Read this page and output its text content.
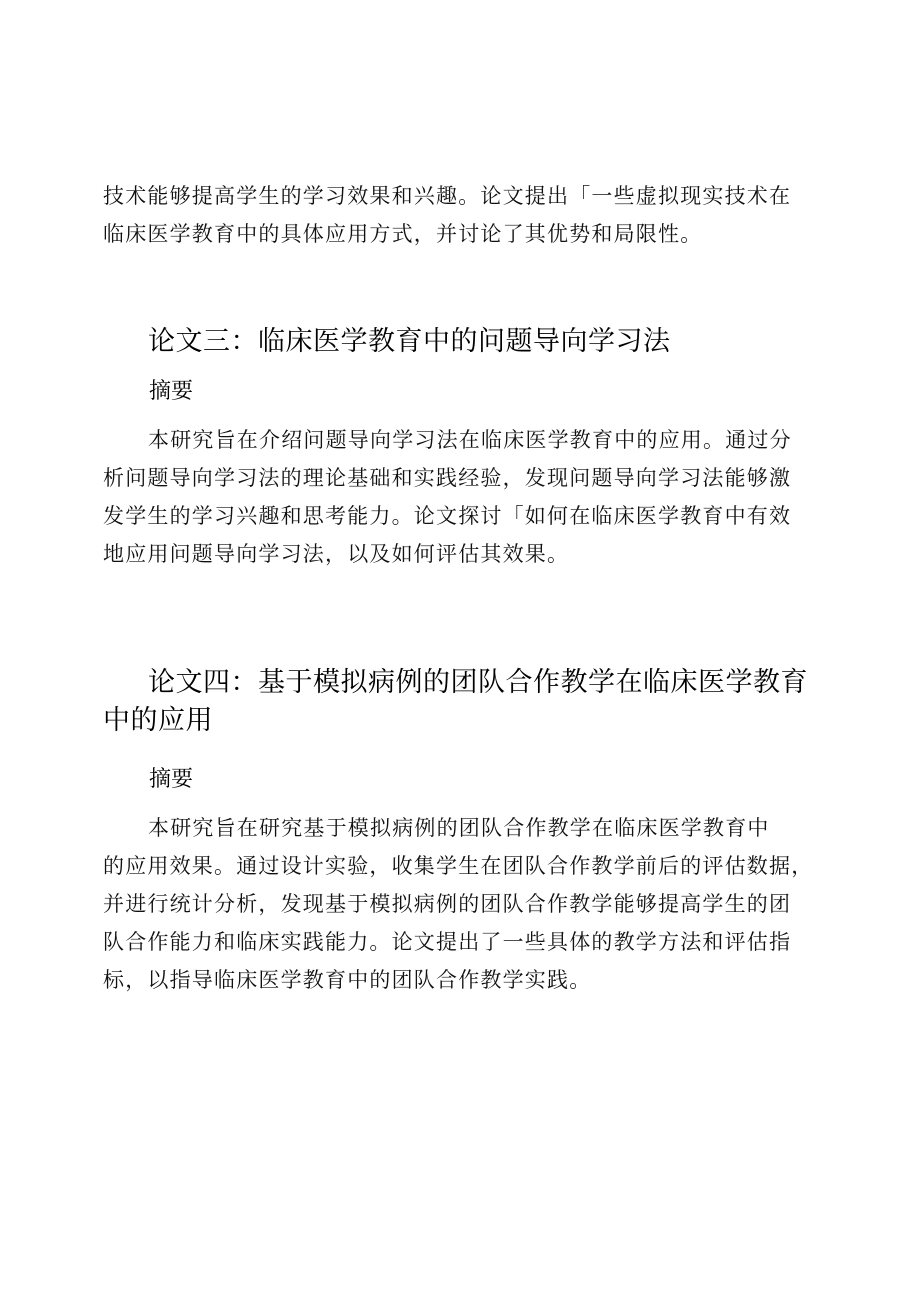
技术能够提高学生的学习效果和兴趣。论文提出「一些虚拟现实技术在
临床医学教育中的具体应用方式，并讨论了其优势和局限性。

论文三：临床医学教育中的问题导向学习法
摘要

本研究旨在介绍问题导向学习法在临床医学教育中的应用。通过分
析问题导向学习法的理论基础和实践经验，发现问题导向学习法能够激
发学生的学习兴趣和思考能力。论文探讨「如何在临床医学教育中有效
地应用问题导向学习法，以及如何评估其效果。

论文四：基于模拟病例的团队合作教学在临床医学教育
中的应用
摘要

本研究旨在研究基于模拟病例的团队合作教学在临床医学教育中
的应用效果。通过设计实验，收集学生在团队合作教学前后的评估数据，
并进行统计分析，发现基于模拟病例的团队合作教学能够提高学生的团
队合作能力和临床实践能力。论文提出了一些具体的教学方法和评估指
标，以指导临床医学教育中的团队合作教学实践。
